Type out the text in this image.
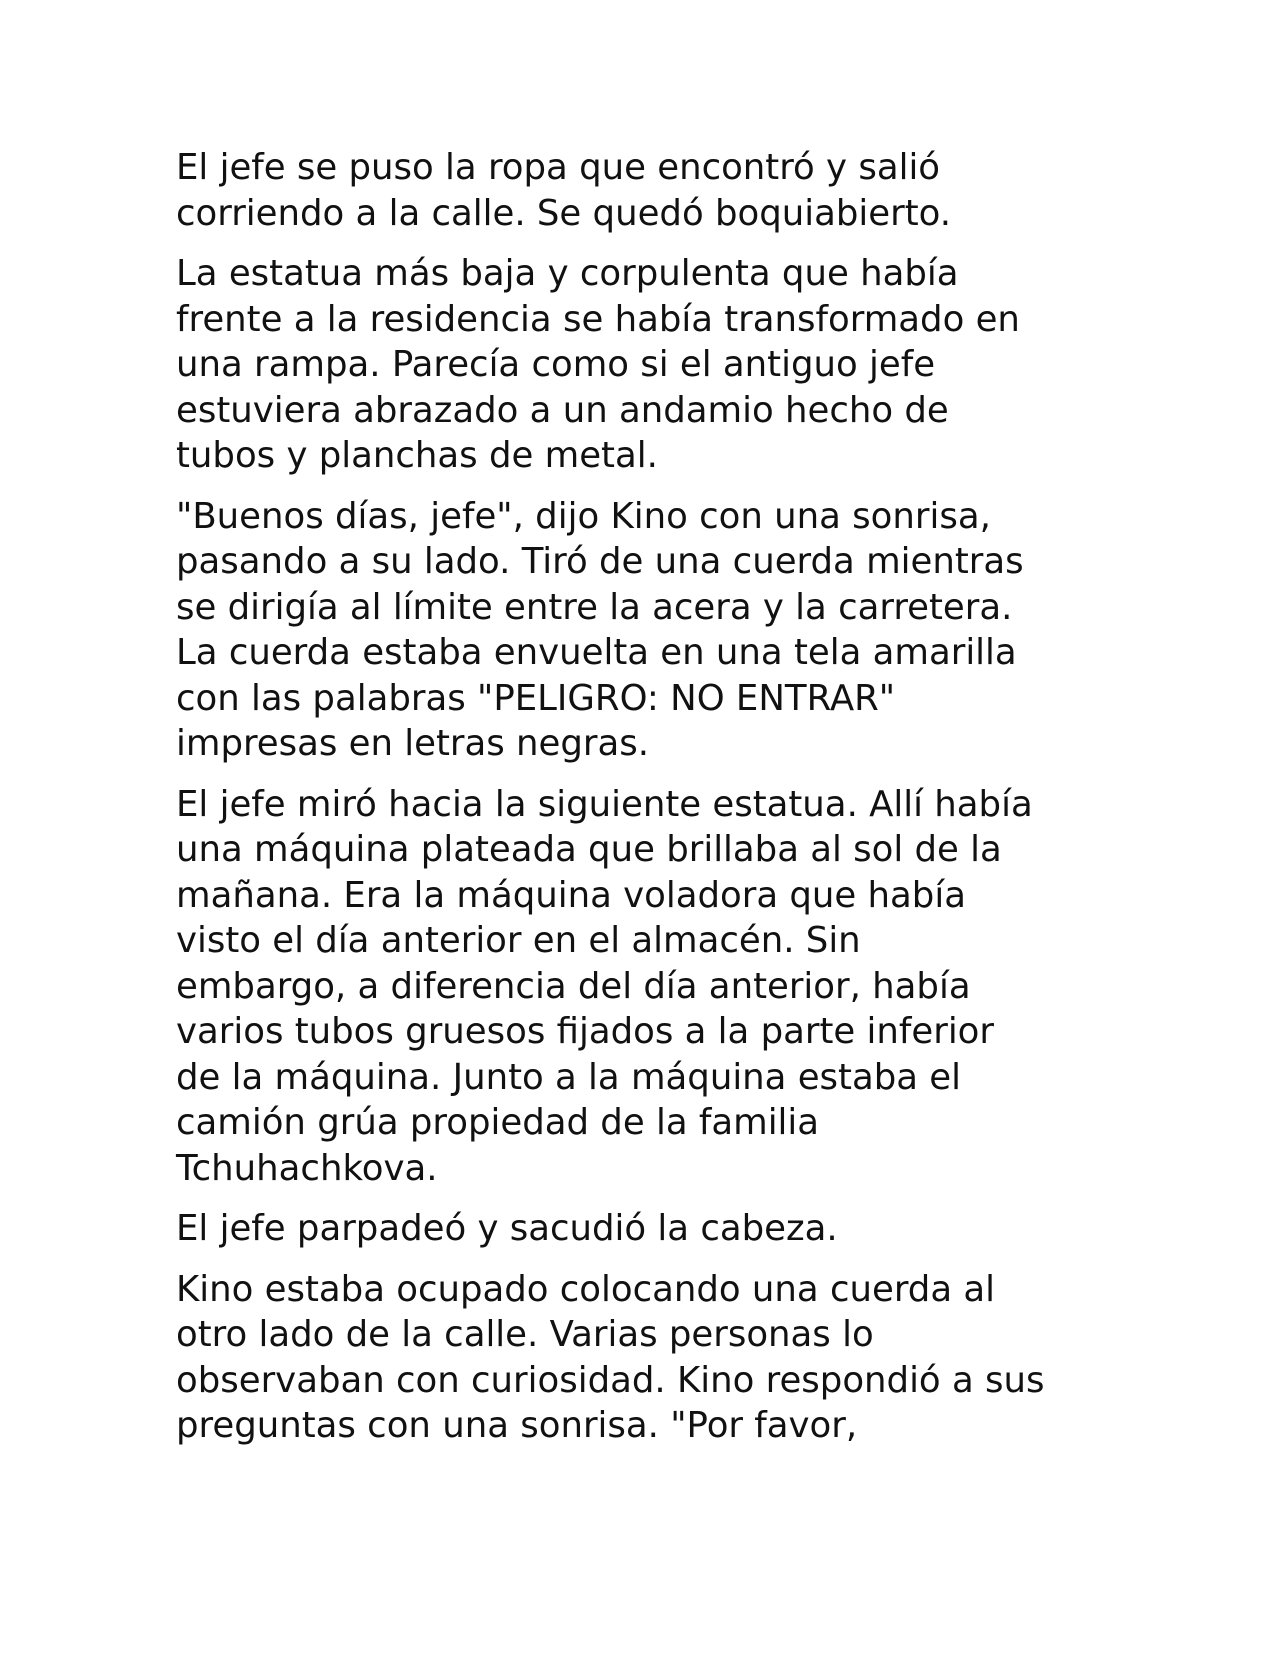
El jefe se puso la ropa que encontró y salió
corriendo a la calle. Se quedó boquiabierto.

La estatua más baja y corpulenta que había
frente a la residencia se había transformado en
una rampa. Parecía como si el antiguo jefe
estuviera abrazado a un andamio hecho de
tubos y planchas de metal.

"Buenos días, jefe", dijo Kino con una sonrisa,
pasando a su lado. Tiró de una cuerda mientras
se dirigía al límite entre la acera y la carretera.
La cuerda estaba envuelta en una tela amarilla
con las palabras "PELIGRO: NO ENTRAR"
impresas en letras negras.

El jefe miró hacia la siguiente estatua. Allí había
una máquina plateada que brillaba al sol de la
mañana. Era la máquina voladora que había
visto el día anterior en el almacén. Sin
embargo, a diferencia del día anterior, había
varios tubos gruesos fijados a la parte inferior
de la máquina. Junto a la máquina estaba el
camión grúa propiedad de la familia
Tchuhachkova.

El jefe parpadeó y sacudió la cabeza.

Kino estaba ocupado colocando una cuerda al
otro lado de la calle. Varias personas lo
observaban con curiosidad. Kino respondió a sus
preguntas con una sonrisa. "Por favor,
